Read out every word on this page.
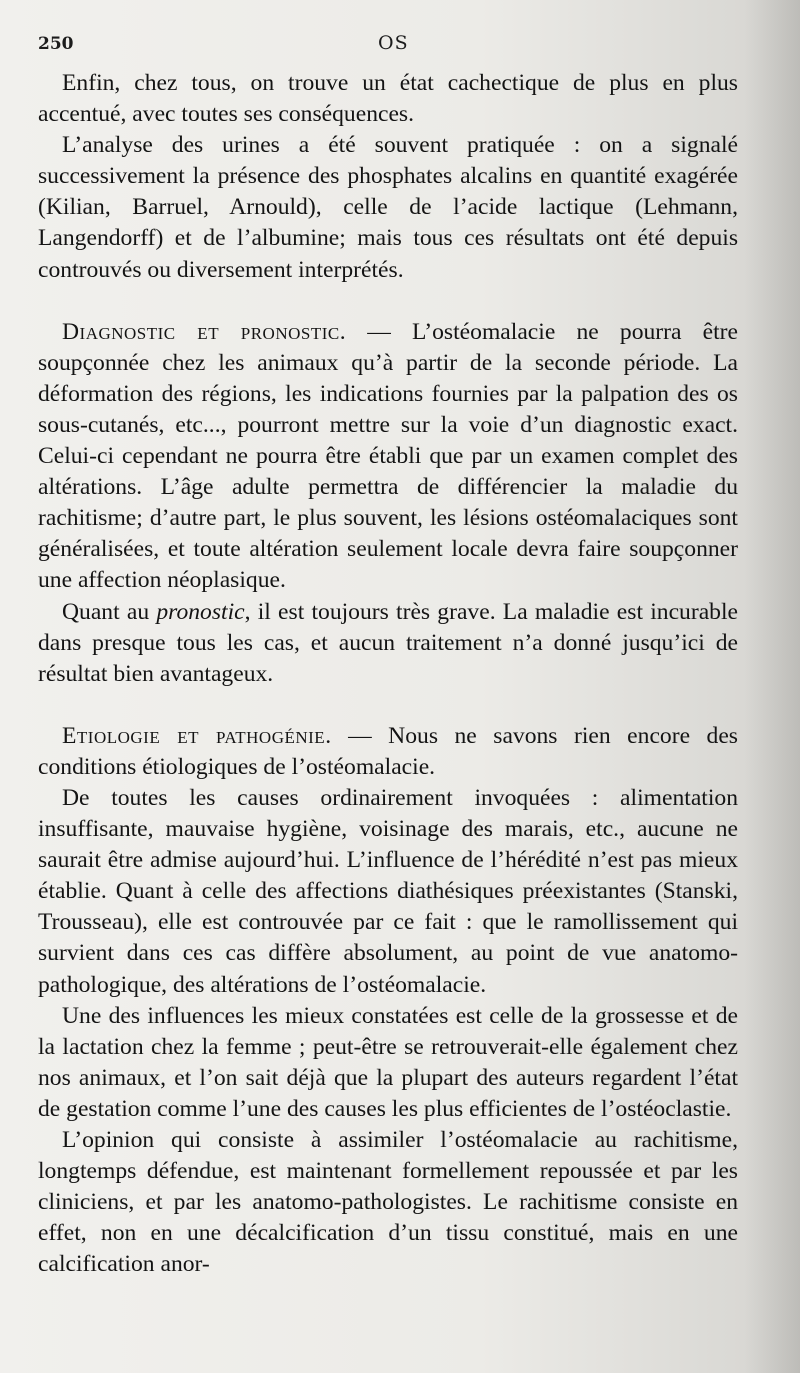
250	OS

Enfin, chez tous, on trouve un état cachectique de plus en plus accentué, avec toutes ses conséquences.

L’analyse des urines a été souvent pratiquée : on a signalé successivement la présence des phosphates alcalins en quantité exagérée (Kilian, Barruel, Arnould), celle de l’acide lactique (Lehmann, Langendorff) et de l’albumine; mais tous ces résultats ont été depuis controuvés ou diversement interprétés.

Diagnostic et pronostic. — L’ostéomalacie ne pourra être soupçonnée chez les animaux qu’à partir de la seconde période. La déformation des régions, les indications fournies par la palpation des os sous-cutanés, etc..., pourront mettre sur la voie d’un diagnostic exact. Celui-ci cependant ne pourra être établi que par un examen complet des altérations. L’âge adulte permettra de différencier la maladie du rachitisme; d’autre part, le plus souvent, les lésions ostéomalaciques sont généralisées, et toute altération seulement locale devra faire soupçonner une affection néoplasique.

Quant au pronostic, il est toujours très grave. La maladie est incurable dans presque tous les cas, et aucun traitement n’a donné jusqu’ici de résultat bien avantageux.

Etiologie et pathogénie. — Nous ne savons rien encore des conditions étiologiques de l’ostéomalacie.

De toutes les causes ordinairement invoquées : alimentation insuffisante, mauvaise hygiène, voisinage des marais, etc., aucune ne saurait être admise aujourd’hui. L’influence de l’hérédité n’est pas mieux établie. Quant à celle des affections diathésiques préexistantes (Stanski, Trousseau), elle est controuvée par ce fait : que le ramollissement qui survient dans ces cas diffère absolument, au point de vue anatomo-pathologique, des altérations de l’ostéomalacie.

Une des influences les mieux constatées est celle de la grossesse et de la lactation chez la femme ; peut-être se retrouverait-elle également chez nos animaux, et l’on sait déjà que la plupart des auteurs regardent l’état de gestation comme l’une des causes les plus efficientes de l’ostéoclastie.

L’opinion qui consiste à assimiler l’ostéomalacie au rachitisme, longtemps défendue, est maintenant formellement repoussée et par les cliniciens, et par les anatomo-pathologistes. Le rachitisme consiste en effet, non en une décalcification d’un tissu constitué, mais en une calcification anor-
